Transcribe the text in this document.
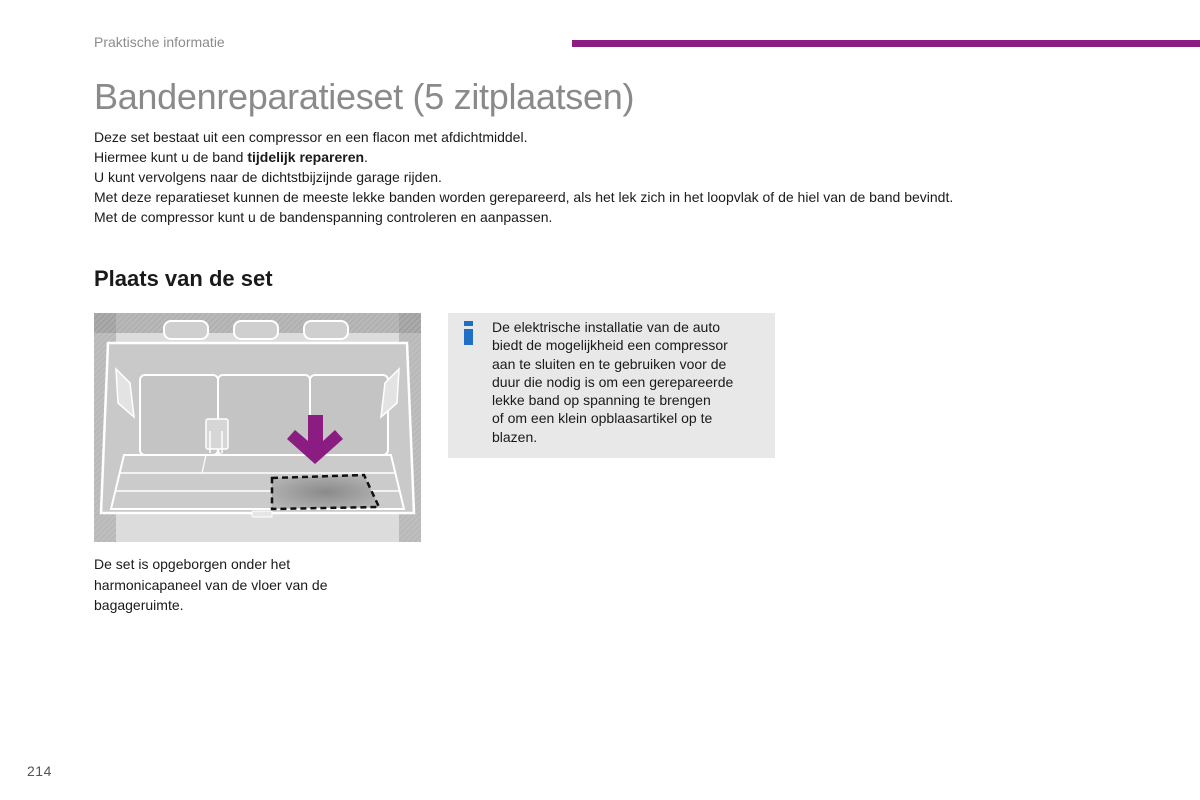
Praktische informatie
Bandenreparatieset (5 zitplaatsen)

Deze set bestaat uit een compressor en een flacon met afdichtmiddel.

Hiermee kunt u de band tijdelijk repareren.

U kunt vervolgens naar de dichtstbijzijnde garage rijden.

Met deze reparatieset kunnen de meeste lekke banden worden gerepareerd, als het lek zich in het loopvlak of de hiel van de band bevindt.

Met de compressor kunt u de bandenspanning controleren en aanpassen.

Plaats van de set
De set is opgeborgen onder het
harmonicapaneel van de vloer van de
bagageruimte.
De elektrische installatie van de auto
biedt de mogelijkheid een compressor
aan te sluiten en te gebruiken voor de
duur die nodig is om een gerepareerde
lekke band op spanning te brengen
of om een klein opblaasartikel op te
blazen.
214
